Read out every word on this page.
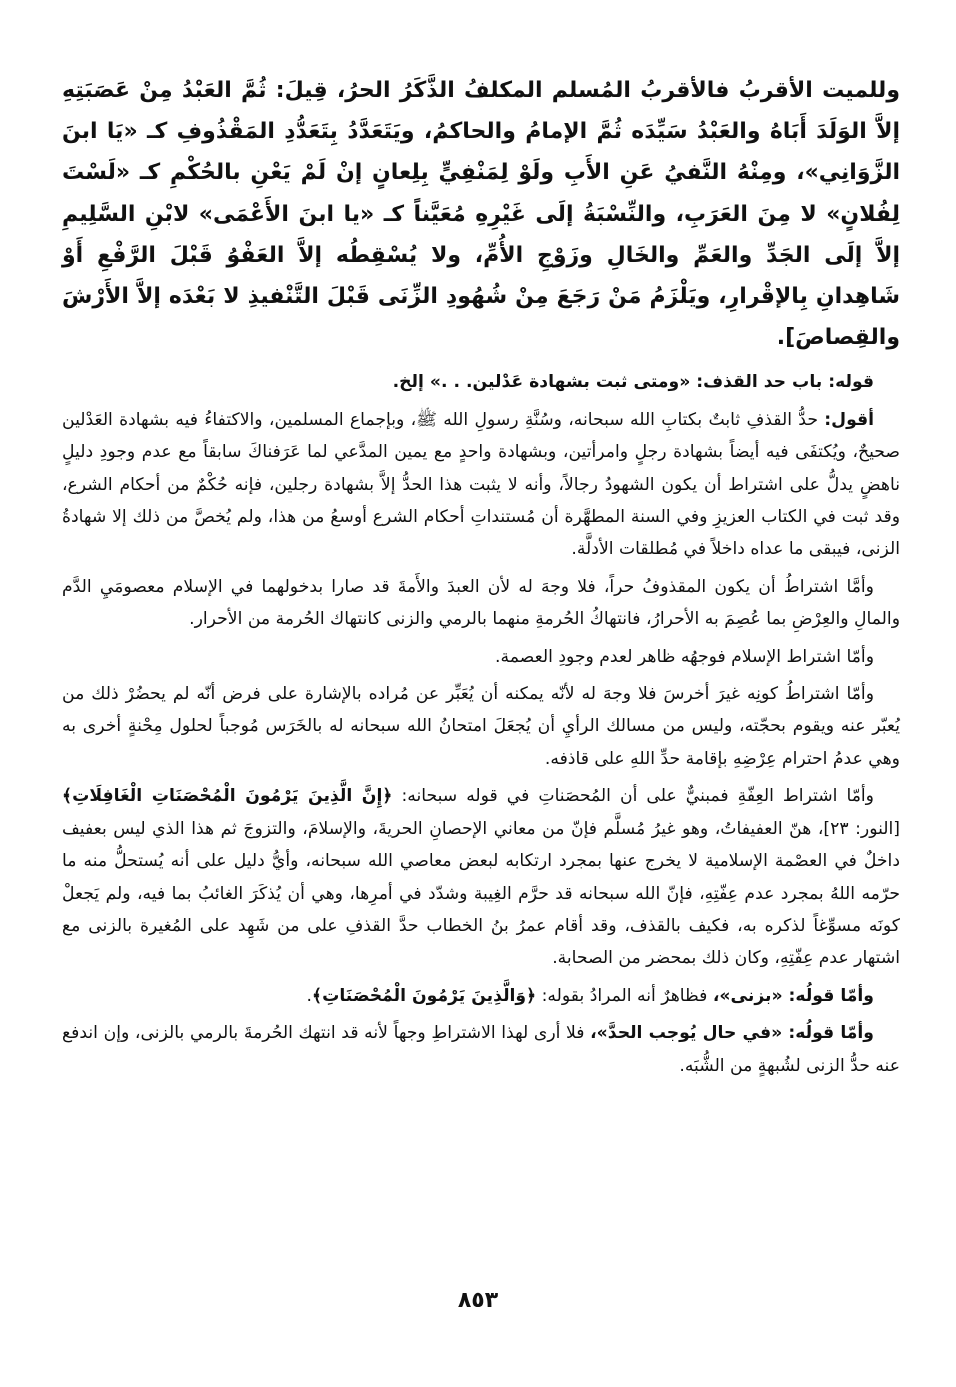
وللميت الأقربُ فالأقربُ المُسلم المكلفُ الذَّكَرُ الحرُ، قِيلَ: ثُمَّ العَبْدُ مِنْ عَصَبَتِهِ إلاَّ الوَلَدَ أَبَاهُ والعَبْدُ سَيِّدَه ثُمَّ الإمامُ والحاكمُ، ويَتَعَدَّدُ بِتَعَدُّدِ المَقْذُوفِ كـ «يَا ابنَ الزَّوَانِي»، ومِنْهُ النَّفيُ عَنِ الأَبِ ولَوْ لِمَنْفِيٍّ بِلِعانٍ إنْ لَمْ يَعْنِ بالحُكْمِ كـ «لَسْتَ لِفُلانٍ» لا مِنَ العَرَبِ، والنِّسْبَةُ إلَى غَيْرِهِ مُعَيَّناً كـ «يا ابنَ الأَعْمَى» لابْنِ السَّلِيمِ إلاَّ إلَى الجَدِّ والعَمِّ والخَالِ وزَوْجِ الأُمِّ، ولا يُسْقِطُه إلاَّ العَفْوُ قَبْلَ الرَّفْعِ أَوْ شَاهِدانِ بِالإقْرارِ، ويَلْزَمُ مَنْ رَجَعَ مِنْ شُهُودِ الزِّنَى قَبْلَ التَّنْفيذِ لا بَعْدَه إلاَّ الأَرْشَ والقِصاصَ].

قوله: باب حد القذف: «ومتى ثبت بشهادة عَدْلين. . .» إلخ.

أقول: حدُّ القذفِ ثابتٌ بكتابِ الله سبحانه، وسُنَّةِ رسولِ الله ﷺ، وبإجماع المسلمين، والاكتفاءُ فيه بشهادة العَدْلين صحيحٌ، ويُكتفَى فيه أيضاً بشهادة رجلٍ وامرأتين، وبشهادة واحدٍ مع يمين المدَّعي لما عَرَفناكَ سابقاً مع عدم وجودِ دليلٍ ناهضٍ يدلُّ على اشتراط أن يكون الشهودُ رجالاً، وأنه لا يثبت هذا الحدُّ إلاَّ بشهادة رجلين، فإنه حُكْمٌ من أحكام الشرع، وقد ثبت في الكتاب العزيزِ وفي السنة المطهَّرة أن مُستنداتِ أحكام الشرع أوسعُ من هذا، ولم يُخصَّ من ذلك إلا شهادةُ الزنى، فيبقى ما عداه داخلاً في مُطلقات الأدلَّة.

وأمَّا اشتراطُ أن يكون المقذوفُ حراً، فلا وجهَ له لأن العبدَ والأَمةَ قد صارا بدخولهما في الإسلام معصومَيِ الدَّم والمالِ والعِرْضِ بما عُصِمَ به الأحرارُ، فانتهاكُ الحُرمةِ منهما بالرمي والزنى كانتهاك الحُرمة من الأحرار.

وأمّا اشتراط الإسلام فوجهُه ظاهر لعدم وجودِ العصمة.

وأمّا اشتراطُ كونِه غيرَ أخرسَ فلا وجهَ له لأنّه يمكنه أن يُعَبِّر عن مُراده بالإشارة على فرض أنّه لم يحضُرْ ذلك من يُعبّر عنه ويقوم بحجّته، وليس من مسالك الرأيِ أن يُجعَلَ امتحانُ الله سبحانه له بالخَرَس مُوجباً لحلول مِحْنةٍ أخرى به وهي عدمُ احترام عِرْضِهِ بإقامة حدِّ اللهِ على قاذفه.

وأمّا اشتراط العِفّةِ فمبنيٌّ على أن المُحصَناتِ في قوله سبحانه: ﴿إِنَّ الَّذِينَ يَرْمُونَ الْمُحْصَنَاتِ الْغَافِلَاتِ﴾ [النور: ٢٣]، هنّ العفيفاتُ، وهو غيرُ مُسلَّم فإنّ من معاني الإحصانِ الحريةَ، والإسلامَ، والتزوجَ ثم هذا الذي ليس بعفيف داخلٌ في العصْمة الإسلامية لا يخرج عنها بمجرد ارتكابه لبعض معاصي الله سبحانه، وأيُّ دليل على أنه يُستحلُّ منه ما حرّمه اللهُ بمجرد عدم عِفّتِهِ، فإنّ الله سبحانه قد حرَّم الغِيبة وشدّد في أمرِها، وهي أن يُذكَرَ الغائبُ بما فيه، ولم يَجعلْ كونَه مسوِّغاً لذكره به، فكيف بالقذف، وقد أقام عمرُ بنُ الخطاب حدَّ القذفِ على من شَهِد على المُغيرة بالزنى مع اشتهار عدم عِفّتِهِ، وكان ذلك بمحضر من الصحابة.

وأمّا قولُه: «بزنى»، فظاهرٌ أنه المرادُ بقوله: ﴿وَالَّذِينَ يَرْمُونَ الْمُحْصَنَاتِ﴾.

وأمّا قولُه: «في حال يُوجب الحدَّ»، فلا أرى لهذا الاشتراطِ وجهاً لأنه قد انتهك الحُرمةَ بالرمي بالزنى، وإن اندفع عنه حدُّ الزنى لشُبهةٍ من الشُّبَه.

٨٥٣
